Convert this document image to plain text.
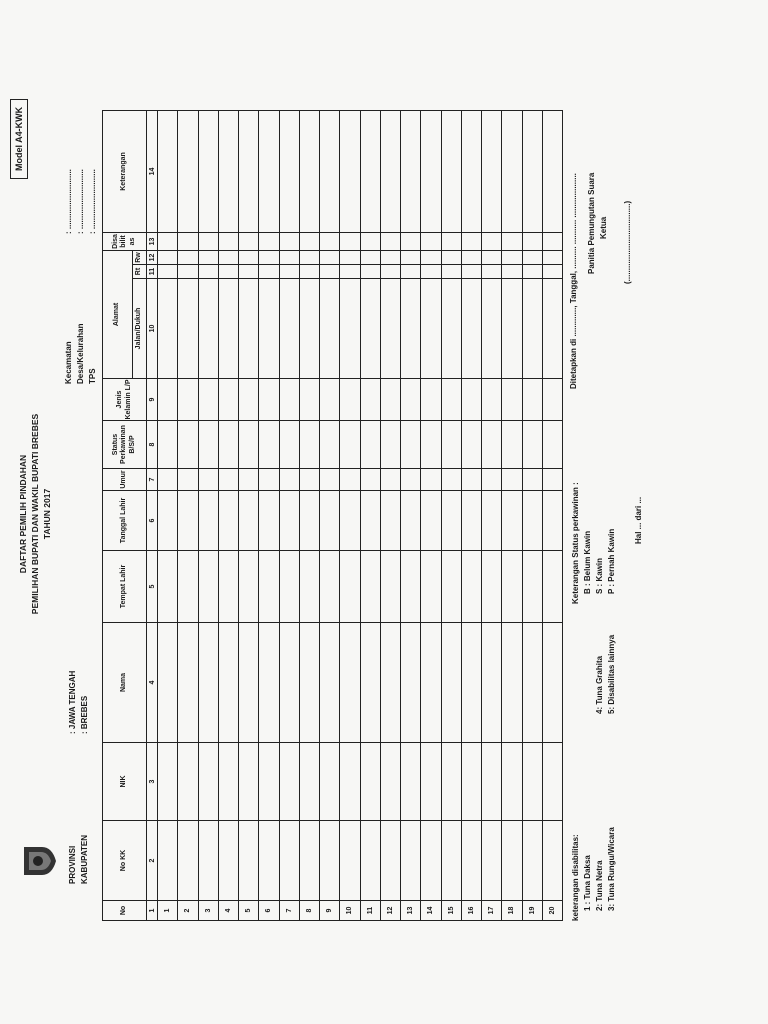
Model A4-KWK
DAFTAR PEMILIH PINDAHAN PEMILIHAN BUPATI DAN WAKIL BUPATI BREBES TAHUN 2017
PROVINSI
: JAWA TENGAH
KABUPATEN
: BREBES
Kecamatan
: ...........................
Desa/Kelurahan
: ...........................
TPS
: ...........................
No	No KK	NIK	Nama	Tempat Lahir	Tanggal Lahir	Umur	Status Perkawinan B/S/P	Jenis Kelamin L/P	Alamat			Disa bilit as	Keterangan
									Jalan/Dukuh	Rt	Rw		
1	2	3	4	5	6	7	8	9	10	11	12	13	14
1													
2													
3													
4													
5													
6													
7													
8													
9													
10													
11													
12													
13													
14													
15													
16													
17													
18													
19													
20													keterangan disabilitas: 1 : Tuna Daksa 2: Tuna Netra 3: Tuna Rungu/Wicara
4: Tuna Grahita 5: Disabilitas lainnya
Keterangan Status perkawinan : B : Belum Kawin S : Kawin P : Pernah Kawin
Hal ... dari ...
Ditetapkan di ............., Tanggal, .......... ........... .................... Panitia Pemungutan Suara Ketua (...................................)
